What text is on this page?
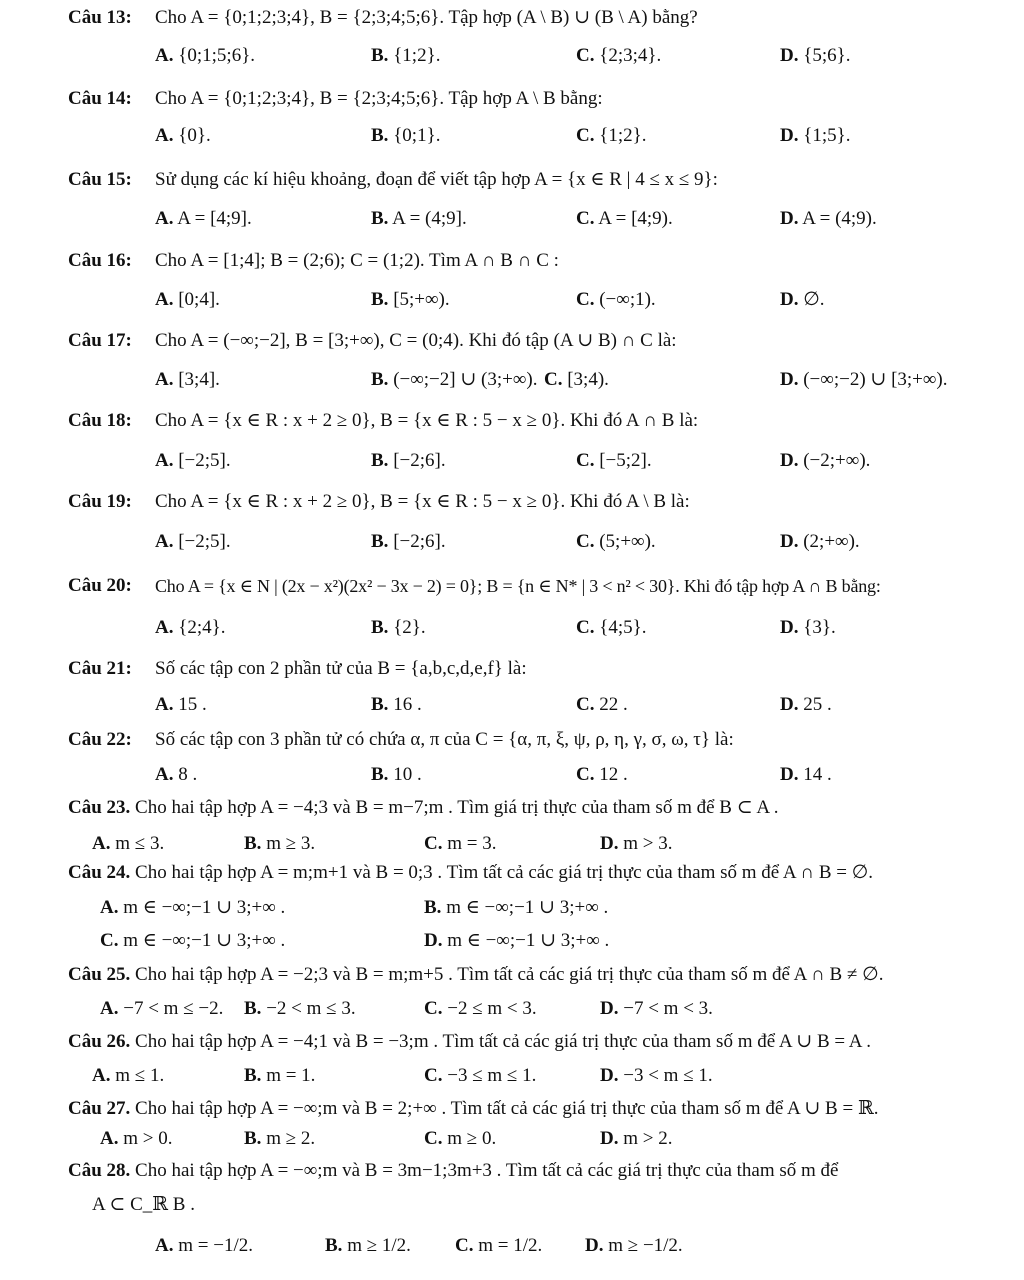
Câu 13: Cho A = {0;1;2;3;4}, B = {2;3;4;5;6}. Tập hợp (A \ B) ∪ (B \ A) bằng?
A. {0;1;5;6}.	B. {1;2}.	C. {2;3;4}.	D. {5;6}.
Câu 14: Cho A = {0;1;2;3;4}, B = {2;3;4;5;6}. Tập hợp A \ B bằng:
A. {0}.	B. {0;1}.	C. {1;2}.	D. {1;5}.
Câu 15: Sử dụng các kí hiệu khoảng, đoạn để viết tập hợp A = {x ∈ R | 4 ≤ x ≤ 9}:
A. A = [4;9].	B. A = (4;9].	C. A = [4;9).	D. A = (4;9).
Câu 16: Cho A = [1;4]; B = (2;6); C = (1;2). Tìm A ∩ B ∩ C :
A. [0;4].	B. [5;+∞).	C. (−∞;1).	D. ∅.
Câu 17: Cho A = (−∞;−2], B = [3;+∞), C = (0;4). Khi đó tập (A ∪ B) ∩ C là:
A. [3;4].	B. (−∞;−2] ∪ (3;+∞). C. [3;4).	D. (−∞;−2) ∪ [3;+∞).
Câu 18: Cho A = {x ∈ R : x + 2 ≥ 0}, B = {x ∈ R : 5 − x ≥ 0}. Khi đó A ∩ B là:
A. [−2;5].	B. [−2;6].	C. [−5;2].	D. (−2;+∞).
Câu 19: Cho A = {x ∈ R : x + 2 ≥ 0}, B = {x ∈ R : 5 − x ≥ 0}. Khi đó A \ B là:
A. [−2;5].	B. [−2;6].	C. (5;+∞).	D. (2;+∞).
Câu 20: Cho A = {x ∈ N | (2x − x²)(2x² − 3x − 2) = 0}; B = {n ∈ N* | 3 < n² < 30}. Khi đó tập hợp A ∩ B bằng:
A. {2;4}.	B. {2}.	C. {4;5}.	D. {3}.
Câu 21: Số các tập con 2 phần tử của B = {a,b,c,d,e,f} là:
A. 15 .	B. 16 .	C. 22 .	D. 25 .
Câu 22: Số các tập con 3 phần tử có chứa α, π của C = {α, π, ξ, ψ, ρ, η, γ, σ, ω, τ} là:
A. 8 .	B. 10 .	C. 12 .	D. 14 .
Câu 23. Cho hai tập hợp A = −4;3 và B = m−7;m . Tìm giá trị thực của tham số m để B ⊂ A .
A. m ≤ 3.	B. m ≥ 3.	C. m = 3.	D. m > 3.
Câu 24. Cho hai tập hợp A = m;m+1 và B = 0;3 . Tìm tất cả các giá trị thực của tham số m để A ∩ B = ∅.
A. m ∈ −∞;−1 ∪ 3;+∞ .	B. m ∈ −∞;−1 ∪ 3;+∞ .
C. m ∈ −∞;−1 ∪ 3;+∞ .	D. m ∈ −∞;−1 ∪ 3;+∞ .
Câu 25. Cho hai tập hợp A = −2;3 và B = m;m+5 . Tìm tất cả các giá trị thực của tham số m để A ∩ B ≠ ∅.
A. −7 < m ≤ −2. B. −2 < m ≤ 3.	C. −2 ≤ m < 3.	D. −7 < m < 3.
Câu 26. Cho hai tập hợp A = −4;1 và B = −3;m . Tìm tất cả các giá trị thực của tham số m để A ∪ B = A .
A. m ≤ 1.	B. m = 1.	C. −3 ≤ m ≤ 1.	D. −3 < m ≤ 1.
Câu 27. Cho hai tập hợp A = −∞;m và B = 2;+∞ . Tìm tất cả các giá trị thực của tham số m để A ∪ B = ℝ.
A. m > 0.	B. m ≥ 2.	C. m ≥ 0.	D. m > 2.
Câu 28. Cho hai tập hợp A = −∞;m và B = 3m−1;3m+3 . Tìm tất cả các giá trị thực của tham số m để
A ⊂ C_ℝ B .
A. m = −1/2.	B. m ≥ 1/2. C. m = 1/2. D. m ≥ −1/2.
